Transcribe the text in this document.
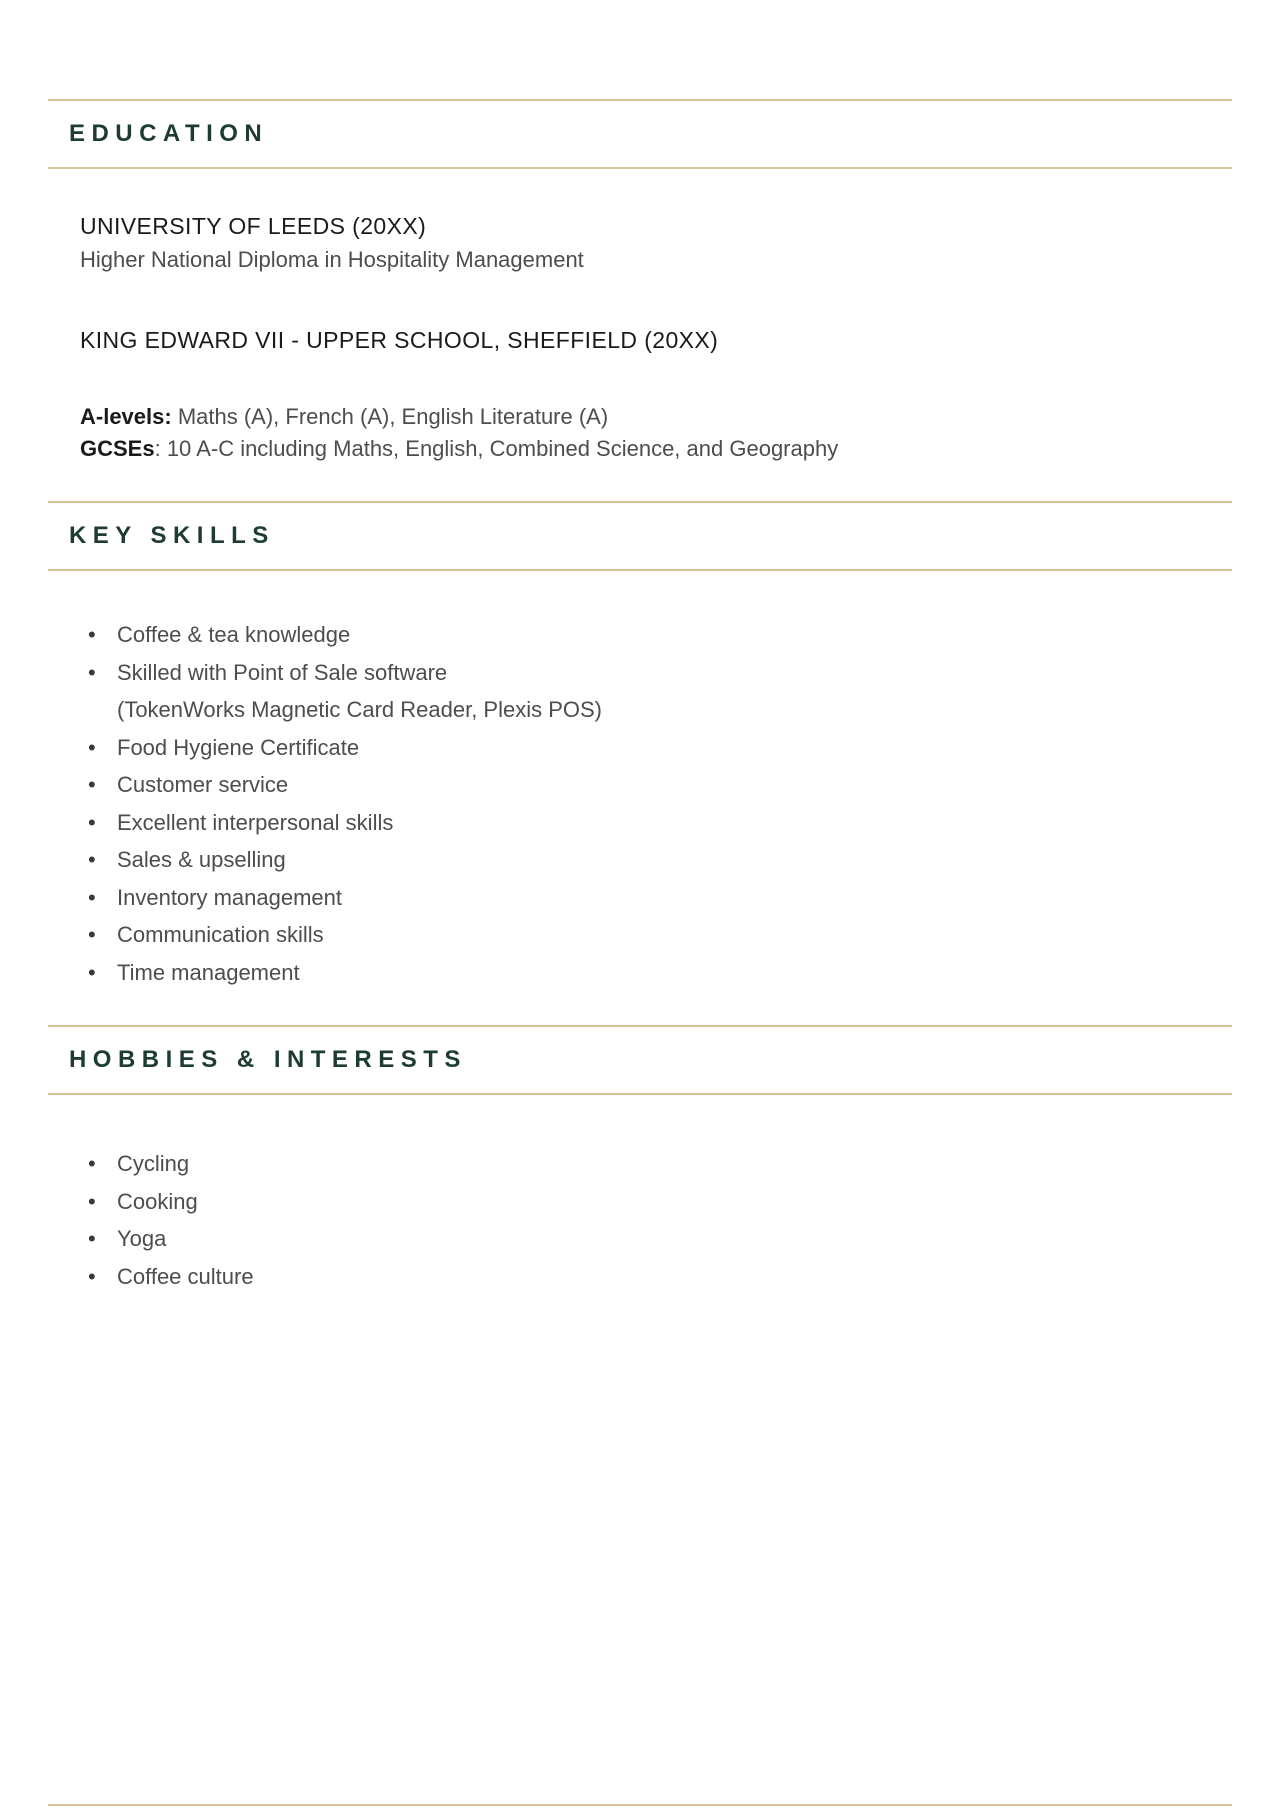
EDUCATION
UNIVERSITY OF LEEDS (20XX)
Higher National Diploma in Hospitality Management
KING EDWARD VII - UPPER SCHOOL, SHEFFIELD (20XX)

A-levels: Maths (A), French (A), English Literature (A)

GCSEs: 10 A-C including Maths, English, Combined Science, and Geography

KEY SKILLS
• Coffee & tea knowledge
• Skilled with Point of Sale software
(TokenWorks Magnetic Card Reader, Plexis POS)
• Food Hygiene Certificate
• Customer service
• Excellent interpersonal skills
• Sales & upselling
• Inventory management
• Communication skills
• Time management
HOBBIES & INTERESTS
• Cycling
• Cooking
• Yoga
• Coffee culture
